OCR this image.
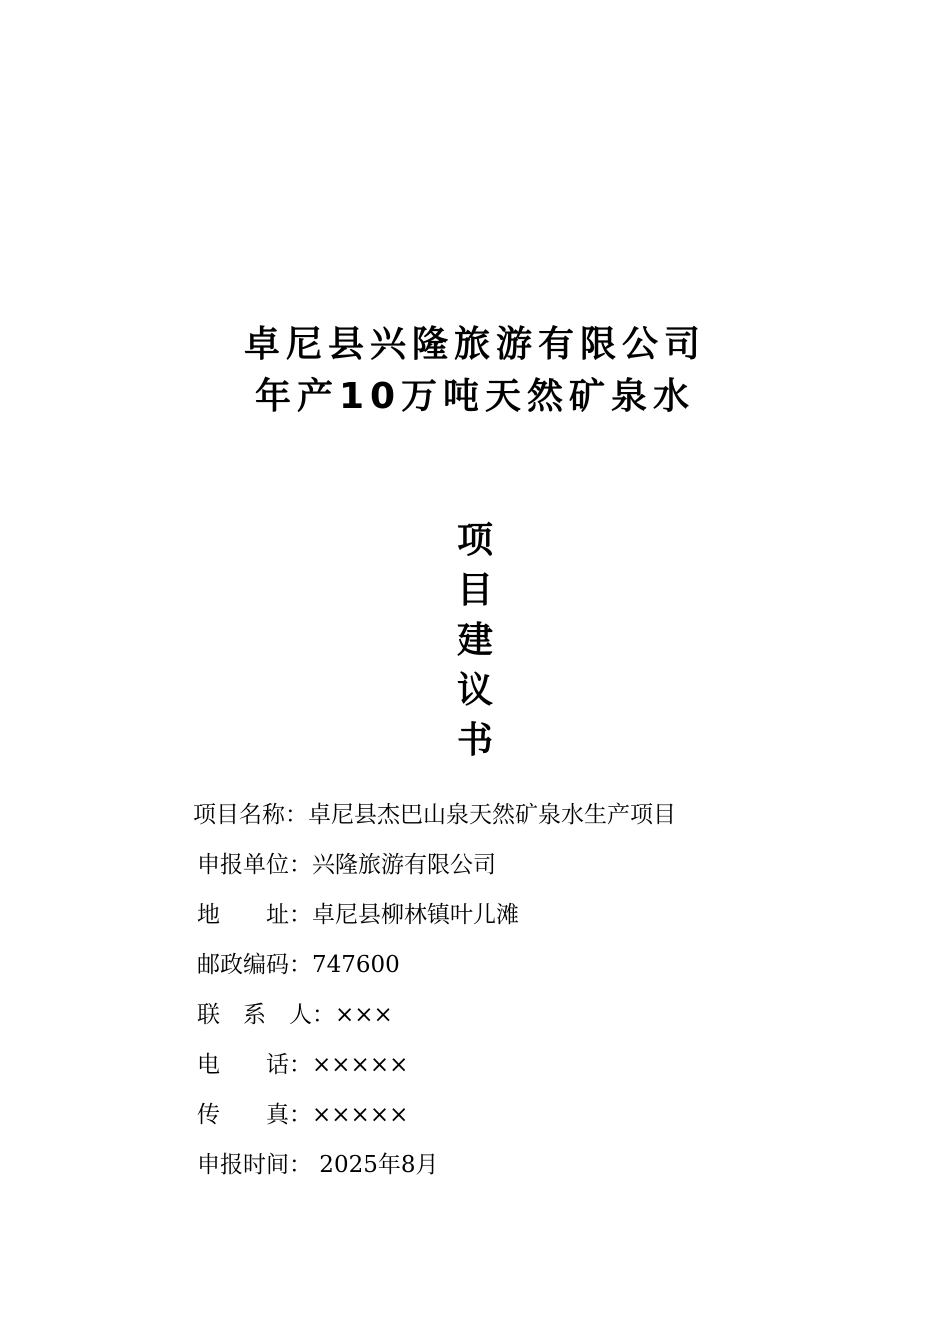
卓尼县兴隆旅游有限公司
年产10万吨天然矿泉水
项
目
建
议
书
项目名称：卓尼县杰巴山泉天然矿泉水生产项目
申报单位：兴隆旅游有限公司
地　　址：卓尼县柳林镇叶儿滩
邮政编码：747600
联　系　人：×××
电　　话：×××××
传　　真：×××××
申报时间： 2025年8月
